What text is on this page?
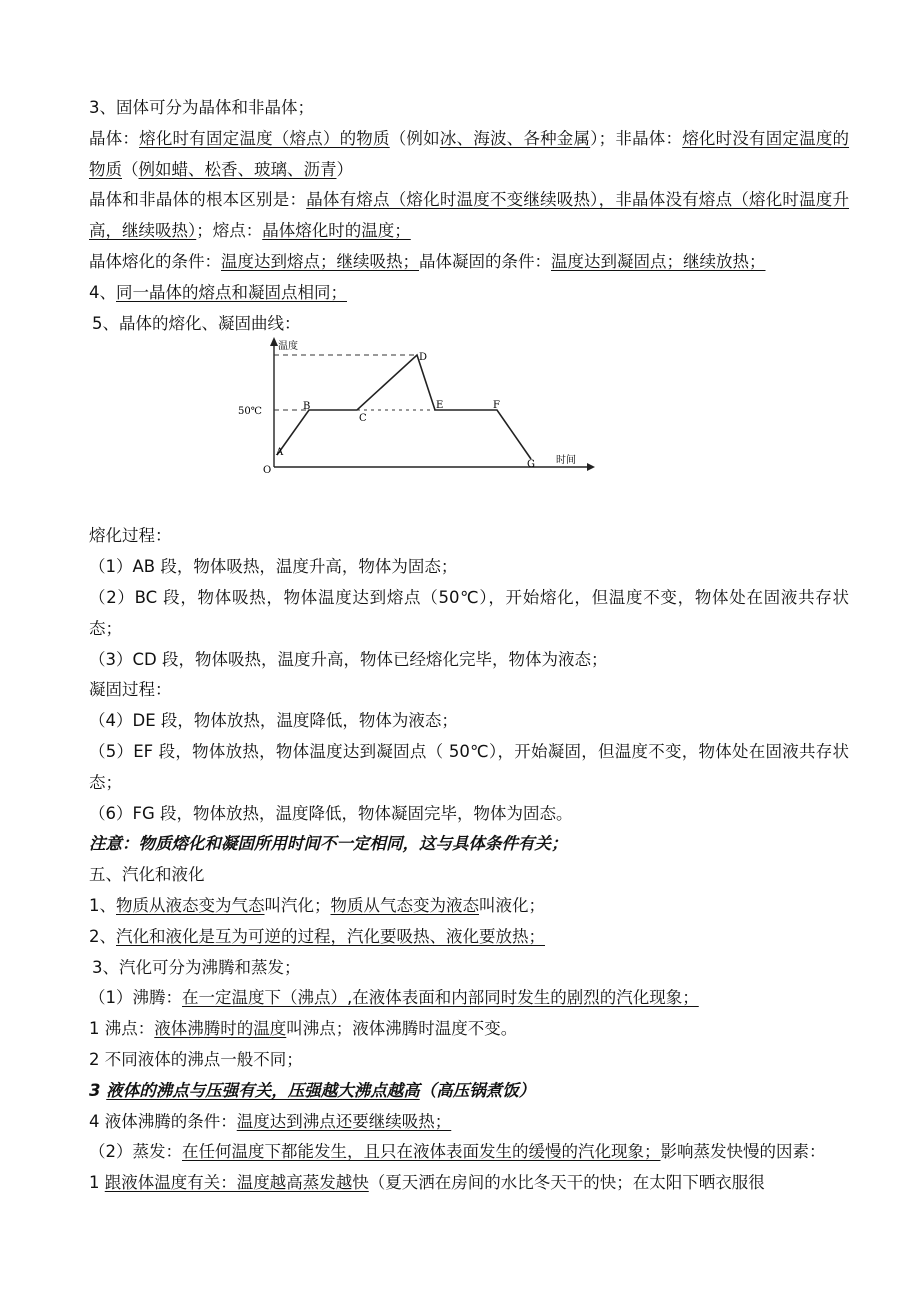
3、固体可分为晶体和非晶体；
晶体：熔化时有固定温度（熔点）的物质（例如冰、海波、各种金属）；非晶体：熔化时没有固定温度的物质（例如蜡、松香、玻璃、沥青）
晶体和非晶体的根本区别是：晶体有熔点（熔化时温度不变继续吸热），非晶体没有熔点（熔化时温度升高，继续吸热）；熔点：晶体熔化时的温度；
晶体熔化的条件：温度达到熔点；继续吸热；晶体凝固的条件：温度达到凝固点；继续放热；
4、同一晶体的熔点和凝固点相同；
5、晶体的熔化、凝固曲线：
温度
50℃
O
A
B
C
D
E	F
G 时间
熔化过程：
（1）AB 段，物体吸热，温度升高，物体为固态；
（2）BC 段，物体吸热，物体温度达到熔点（50℃），开始熔化，但温度不变，物体处在固液共存状态；
（3）CD 段，物体吸热，温度升高，物体已经熔化完毕，物体为液态；
凝固过程：
（4）DE 段，物体放热，温度降低，物体为液态；
（5）EF 段，物体放热，物体温度达到凝固点（ 50℃），开始凝固，但温度不变，物体处在固液共存状态；
（6）FG 段，物体放热，温度降低，物体凝固完毕，物体为固态。
注意：物质熔化和凝固所用时间不一定相同，这与具体条件有关；
五、汽化和液化
1、物质从液态变为气态叫汽化；物质从气态变为液态叫液化；
2、汽化和液化是互为可逆的过程，汽化要吸热、液化要放热；
3、汽化可分为沸腾和蒸发；
（1）沸腾：在一定温度下（沸点）,在液体表面和内部同时发生的剧烈的汽化现象；
1 沸点：液体沸腾时的温度叫沸点；液体沸腾时温度不变。
2 不同液体的沸点一般不同；
3 液体的沸点与压强有关，压强越大沸点越高（高压锅煮饭）
4 液体沸腾的条件：温度达到沸点还要继续吸热；
（2）蒸发：在任何温度下都能发生，且只在液体表面发生的缓慢的汽化现象；影响蒸发快慢的因素：
1 跟液体温度有关：温度越高蒸发越快（夏天洒在房间的水比冬天干的快；在太阳下晒衣服很
